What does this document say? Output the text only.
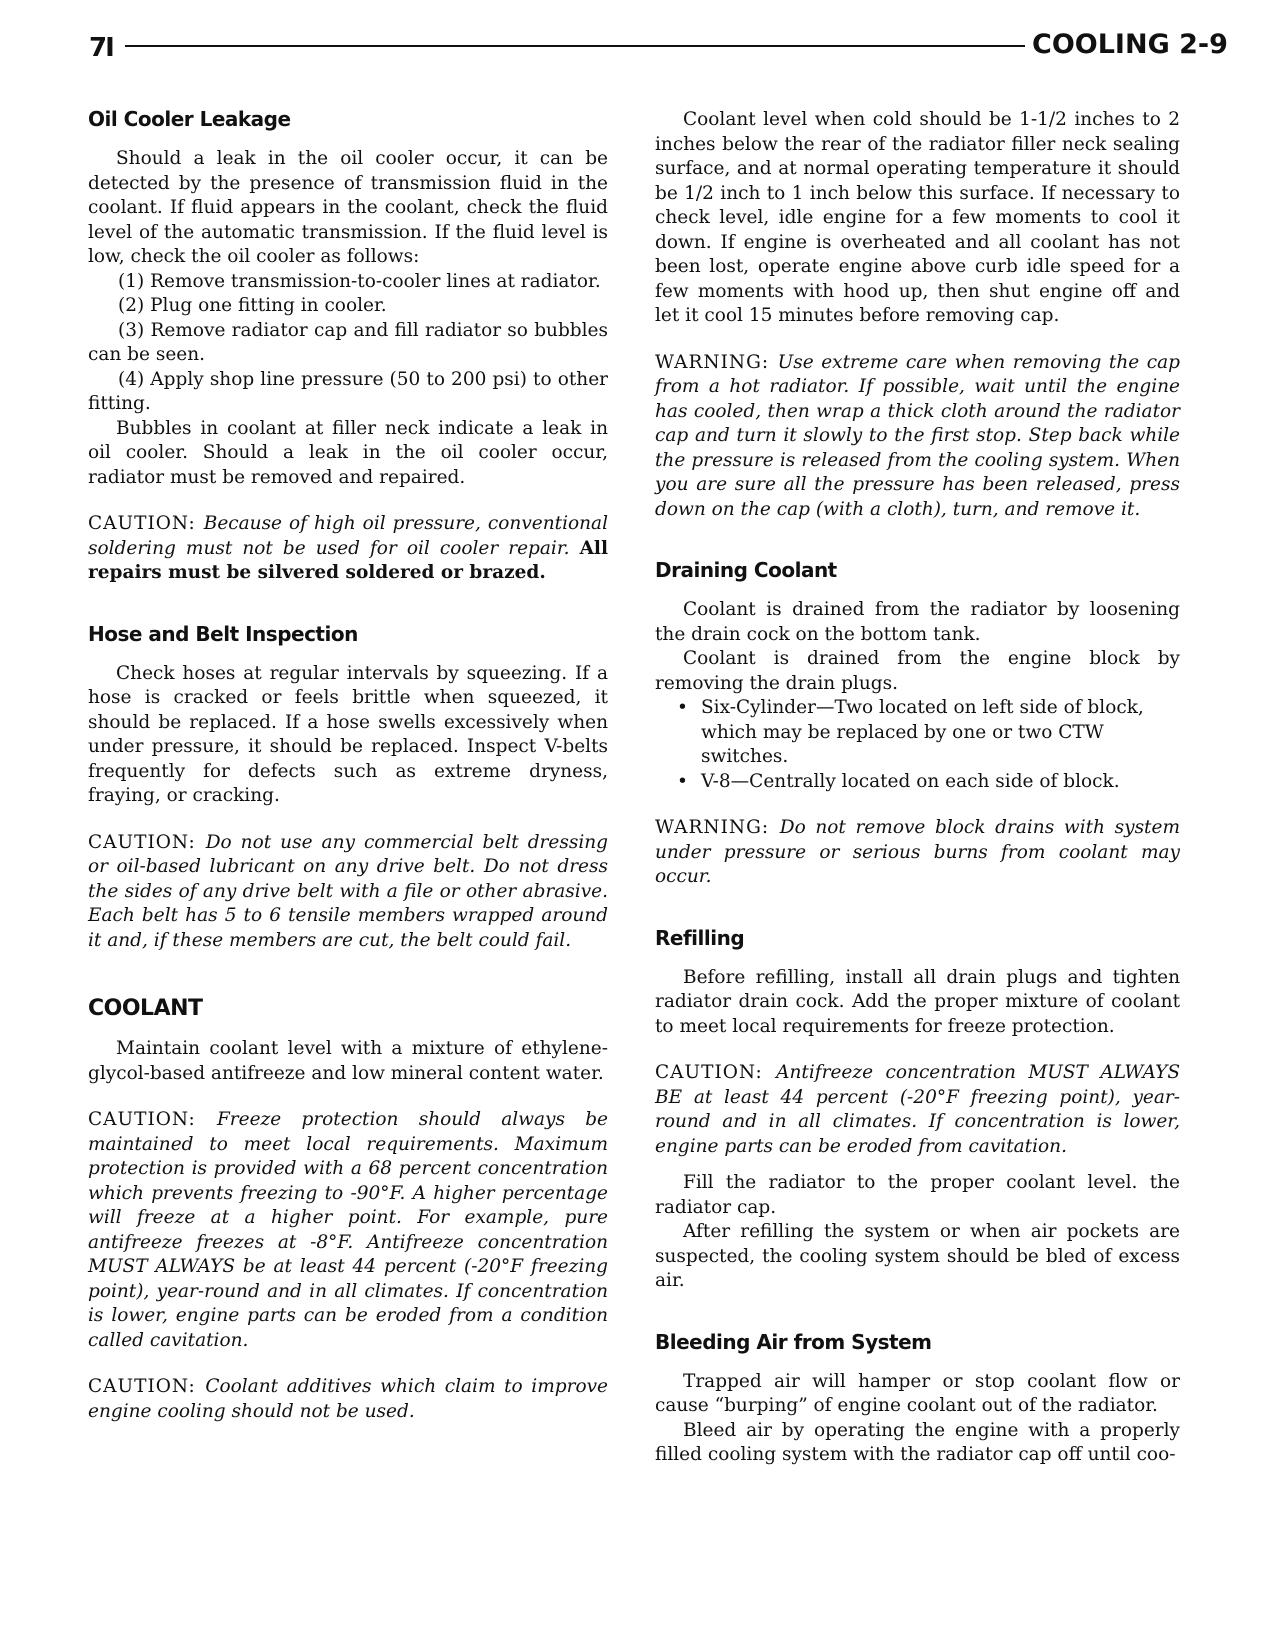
7I	COOLING 2-9
Oil Cooler Leakage

Should a leak in the oil cooler occur, it can be detected by the presence of transmission fluid in the coolant. If fluid appears in the coolant, check the fluid level of the automatic transmission. If the fluid level is low, check the oil cooler as follows:

(1) Remove transmission-to-cooler lines at radiator.

(2) Plug one fitting in cooler.

(3) Remove radiator cap and fill radiator so bubbles can be seen.

(4) Apply shop line pressure (50 to 200 psi) to other fitting.

Bubbles in coolant at filler neck indicate a leak in oil cooler. Should a leak in the oil cooler occur, radiator must be removed and repaired.

CAUTION: Because of high oil pressure, conventional soldering must not be used for oil cooler repair. All repairs must be silvered soldered or brazed.

Hose and Belt Inspection

Check hoses at regular intervals by squeezing. If a hose is cracked or feels brittle when squeezed, it should be replaced. If a hose swells excessively when under pressure, it should be replaced. Inspect V-belts frequently for defects such as extreme dryness, fraying, or cracking.

CAUTION: Do not use any commercial belt dressing or oil-based lubricant on any drive belt. Do not dress the sides of any drive belt with a file or other abrasive. Each belt has 5 to 6 tensile members wrapped around it and, if these members are cut, the belt could fail.

COOLANT

Maintain coolant level with a mixture of ethylene-glycol-based antifreeze and low mineral content water.

CAUTION: Freeze protection should always be maintained to meet local requirements. Maximum protection is provided with a 68 percent concentration which prevents freezing to -90°F. A higher percentage will freeze at a higher point. For example, pure antifreeze freezes at -8°F. Antifreeze concentration MUST ALWAYS be at least 44 percent (-20°F freezing point), year-round and in all climates. If concentration is lower, engine parts can be eroded from a condition called cavitation.

CAUTION: Coolant additives which claim to improve engine cooling should not be used.

Coolant level when cold should be 1-1/2 inches to 2 inches below the rear of the radiator filler neck sealing surface, and at normal operating temperature it should be 1/2 inch to 1 inch below this surface. If necessary to check level, idle engine for a few moments to cool it down. If engine is overheated and all coolant has not been lost, operate engine above curb idle speed for a few moments with hood up, then shut engine off and let it cool 15 minutes before removing cap.

WARNING: Use extreme care when removing the cap from a hot radiator. If possible, wait until the engine has cooled, then wrap a thick cloth around the radiator cap and turn it slowly to the first stop. Step back while the pressure is released from the cooling system. When you are sure all the pressure has been released, press down on the cap (with a cloth), turn, and remove it.

Draining Coolant

Coolant is drained from the radiator by loosening the drain cock on the bottom tank.

Coolant is drained from the engine block by removing the drain plugs.

• Six-Cylinder—Two located on left side of block, which may be replaced by one or two CTW switches.
• V-8—Centrally located on each side of block.

WARNING: Do not remove block drains with system under pressure or serious burns from coolant may occur.

Refilling

Before refilling, install all drain plugs and tighten radiator drain cock. Add the proper mixture of coolant to meet local requirements for freeze protection.

CAUTION: Antifreeze concentration MUST ALWAYS BE at least 44 percent (-20°F freezing point), year-round and in all climates. If concentration is lower, engine parts can be eroded from cavitation.

Fill the radiator to the proper coolant level. the radiator cap.

After refilling the system or when air pockets are suspected, the cooling system should be bled of excess air.

Bleeding Air from System

Trapped air will hamper or stop coolant flow or cause “burping” of engine coolant out of the radiator.

Bleed air by operating the engine with a properly filled cooling system with the radiator cap off until coo-
